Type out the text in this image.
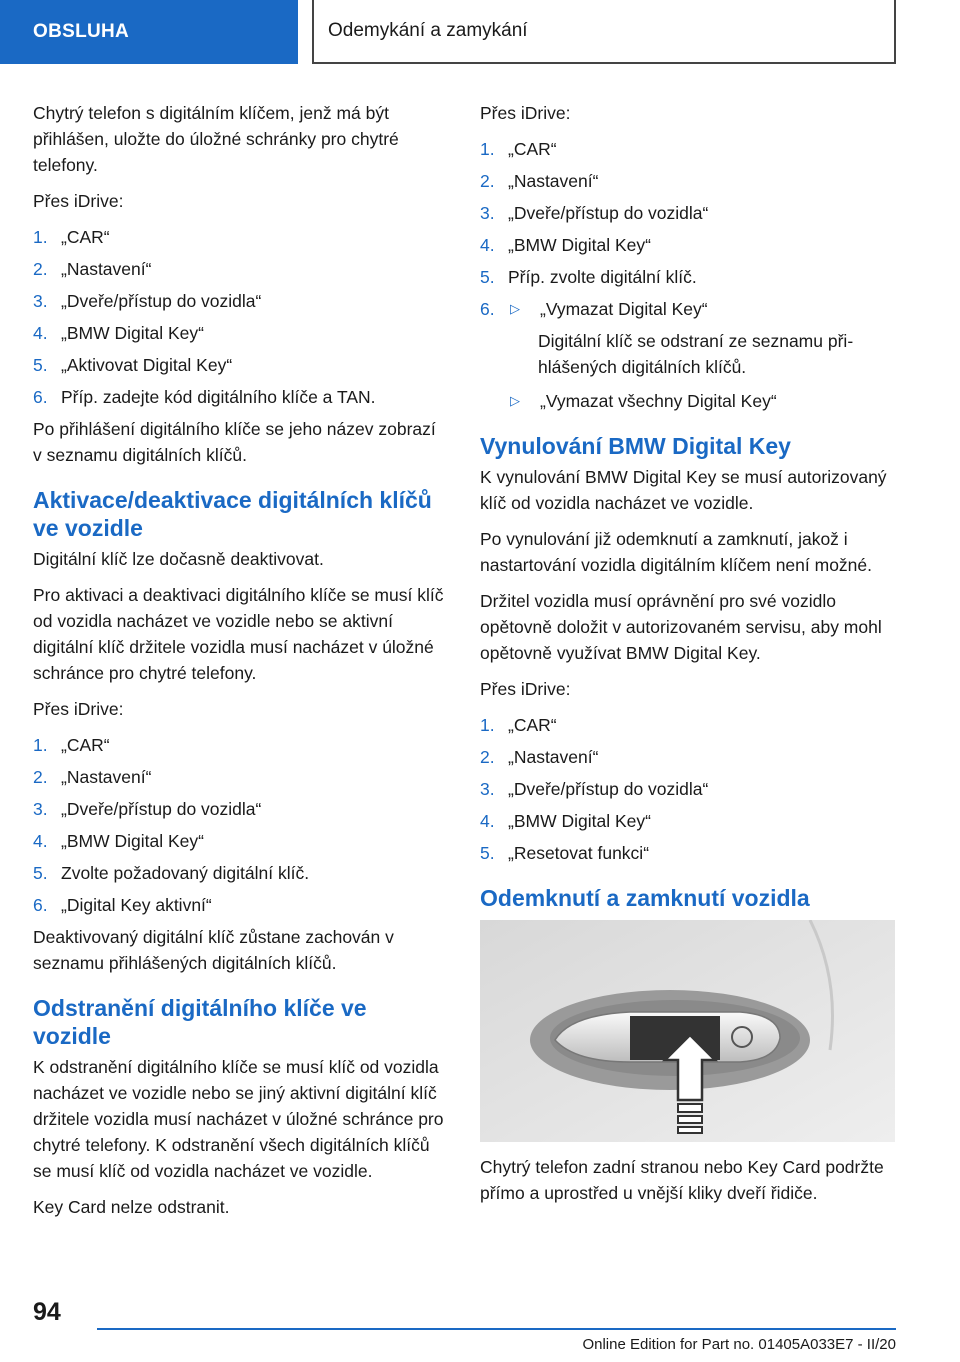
OBSLUHA	Odemykání a zamykání

Chytrý telefon s digitálním klíčem, jenž má být přihlášen, uložte do úložné schránky pro chytré telefony.

Přes iDrive:

1. „CAR“
2. „Nastavení“
3. „Dveře/přístup do vozidla“
4. „BMW Digital Key“
5. „Aktivovat Digital Key“
6. Příp. zadejte kód digitálního klíče a TAN.

Po přihlášení digitálního klíče se jeho název zobrazí v seznamu digitálních klíčů.

Aktivace/deaktivace digitálních klíčů ve vozidle

Digitální klíč lze dočasně deaktivovat.

Pro aktivaci a deaktivaci digitálního klíče se musí klíč od vozidla nacházet ve vozidle nebo se aktivní digitální klíč držitele vozidla musí nacházet v úložné schránce pro chytré telefony.

Přes iDrive:

1. „CAR“
2. „Nastavení“
3. „Dveře/přístup do vozidla“
4. „BMW Digital Key“
5. Zvolte požadovaný digitální klíč.
6. „Digital Key aktivní“

Deaktivovaný digitální klíč zůstane zachován v seznamu přihlášených digitálních klíčů.

Odstranění digitálního klíče ve vozidle

K odstranění digitálního klíče se musí klíč od vozidla nacházet ve vozidle nebo se jiný aktivní digitální klíč držitele vozidla musí nacházet v úložné schránce pro chytré telefony. K odstranění všech digitálních klíčů se musí klíč od vozidla nacházet ve vozidle.

Key Card nelze odstranit.

Přes iDrive:

1. „CAR“
2. „Nastavení“
3. „Dveře/přístup do vozidla“
4. „BMW Digital Key“
5. Příp. zvolte digitální klíč.
6.	▷	„Vymazat Digital Key“

Digitální klíč se odstraní ze seznamu přihlášených digitálních klíčů.

▷	„Vymazat všechny Digital Key“
Vynulování BMW Digital Key

K vynulování BMW Digital Key se musí autorizovaný klíč od vozidla nacházet ve vozidle.

Po vynulování již odemknutí a zamknutí, jakož i nastartování vozidla digitálním klíčem není možné.

Držitel vozidla musí oprávnění pro své vozidlo opětovně doložit v autorizovaném servisu, aby mohl opětovně využívat BMW Digital Key.

Přes iDrive:

1. „CAR“
2. „Nastavení“
3. „Dveře/přístup do vozidla“
4. „BMW Digital Key“
5. „Resetovat funkci“
Odemknutí a zamknutí vozidla

Chytrý telefon zadní stranou nebo Key Card podržte přímo a uprostřed u vnější kliky dveří řidiče.

94
Online Edition for Part no. 01405A033E7 - II/20
